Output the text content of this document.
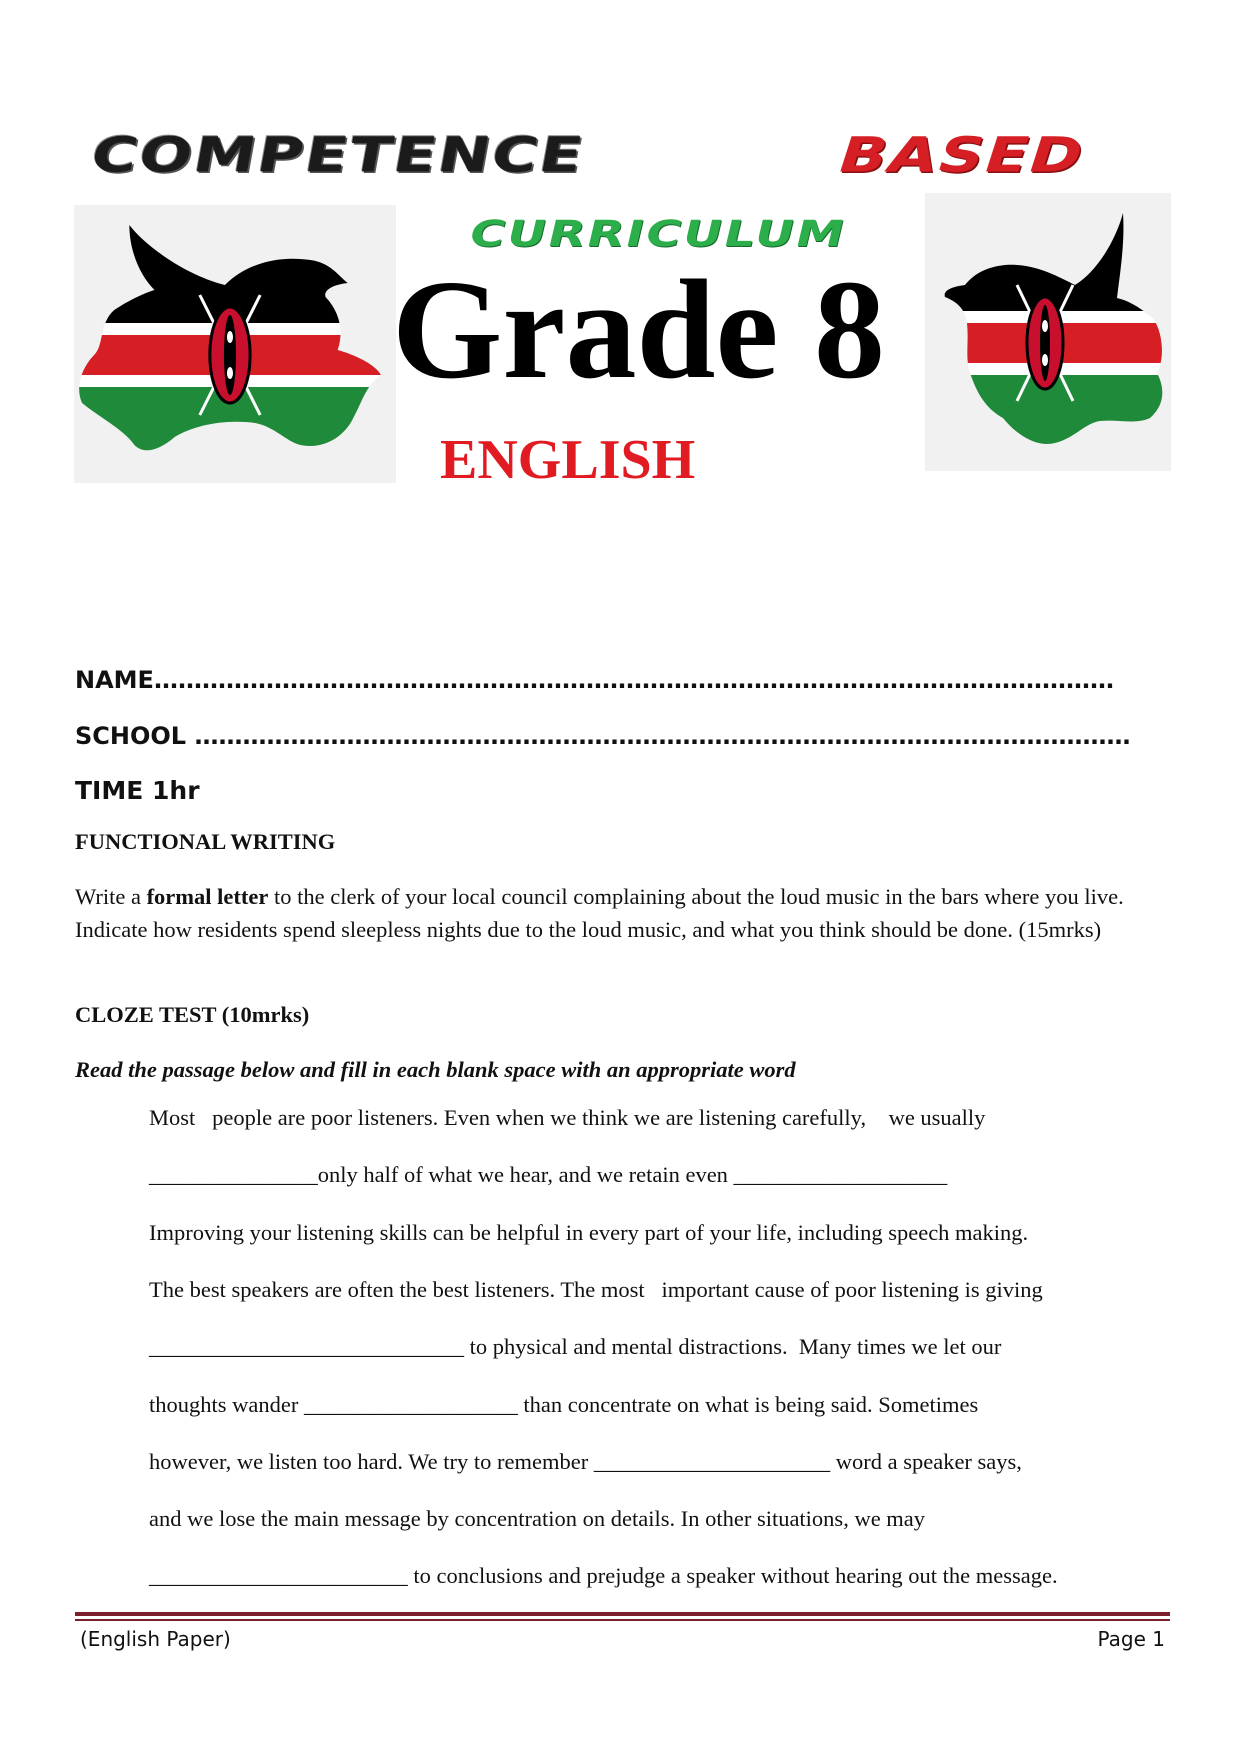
COMPETENCE	BASED
CURRICULUM
Grade 8
ENGLISH
NAME…………………………………………………………………………………………………………
SCHOOL ………………………………………………………………………………………………………
TIME 1hr
FUNCTIONAL WRITING
Write a formal letter to the clerk of your local council complaining about the loud music in the bars where you live. Indicate how residents spend sleepless nights due to the loud music, and what you think should be done. (15mrks)
CLOZE TEST (10mrks)
Read the passage below and fill in each blank space with an appropriate word
Most   people are poor listeners. Even when we think we are listening carefully,    we usually
_______________only half of what we hear, and we retain even ___________________
Improving your listening skills can be helpful in every part of your life, including speech making.
The best speakers are often the best listeners. The most   important cause of poor listening is giving
____________________________ to physical and mental distractions.  Many times we let our
thoughts wander ___________________ than concentrate on what is being said. Sometimes
however, we listen too hard. We try to remember _____________________ word a speaker says,
and we lose the main message by concentration on details. In other situations, we may
_______________________ to conclusions and prejudge a speaker without hearing out the message.
(English Paper)	Page 1
